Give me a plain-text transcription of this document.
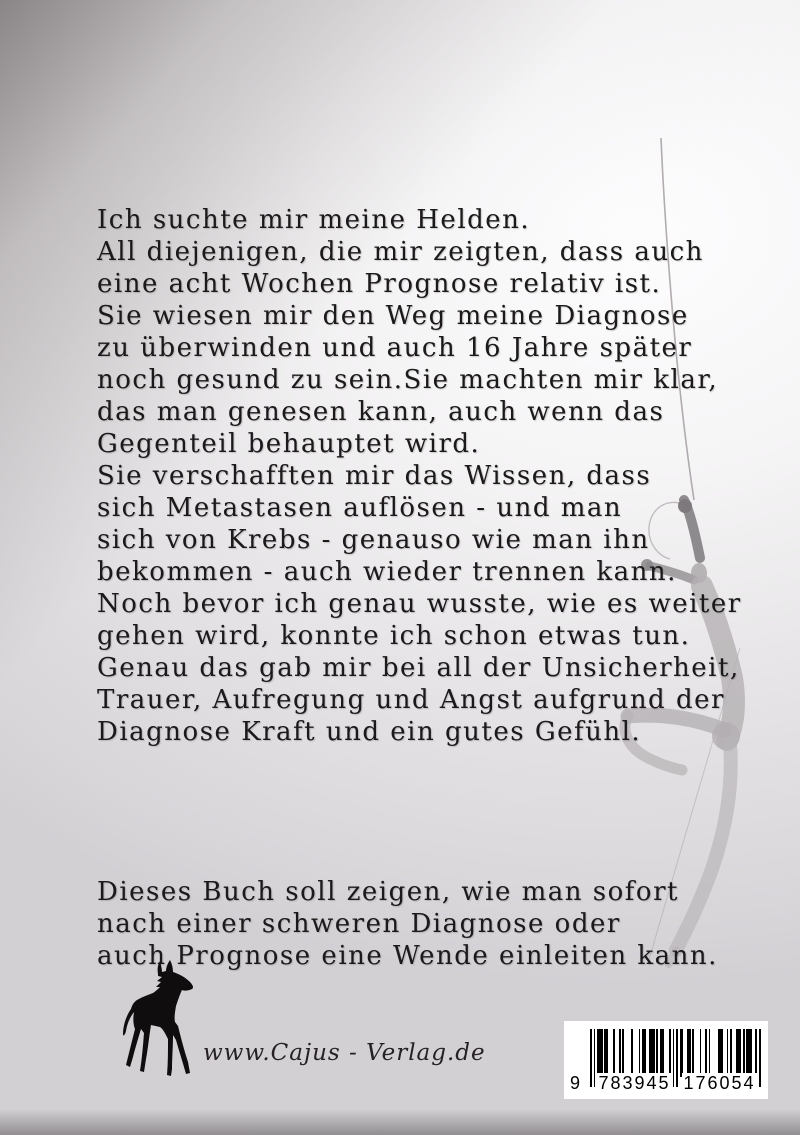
Ich suchte mir meine Helden.
All diejenigen, die mir zeigten, dass auch
eine acht Wochen Prognose relativ ist.
Sie wiesen mir den Weg meine Diagnose
zu überwinden und auch 16 Jahre später
noch gesund zu sein.Sie machten mir klar,
das man genesen kann, auch wenn das
Gegenteil behauptet wird.
Sie verschafften mir das Wissen, dass
sich Metastasen auflösen - und man
sich von Krebs - genauso wie man ihn
bekommen - auch wieder trennen kann.
Noch bevor ich genau wusste, wie es weiter
gehen wird, konnte ich schon etwas tun.
Genau das gab mir bei all der Unsicherheit,
Trauer, Aufregung und Angst aufgrund der
Diagnose Kraft und ein gutes Gefühl.

Dieses Buch soll zeigen, wie man sofort
nach einer schweren Diagnose oder
auch Prognose eine Wende einleiten kann.

www.Cajus - Verlag.de
9 783945 176054
